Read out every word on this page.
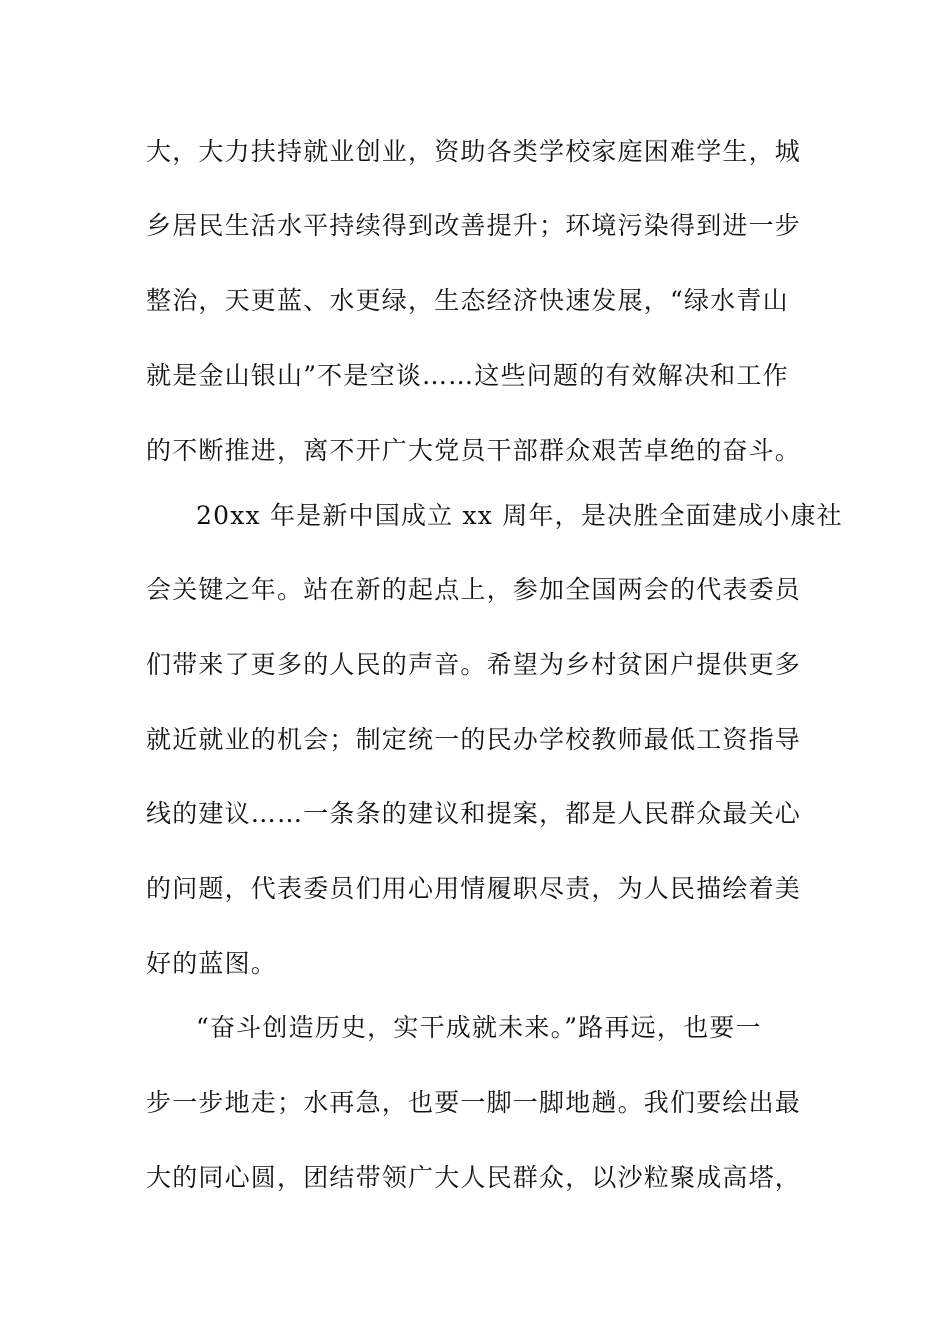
大，大力扶持就业创业，资助各类学校家庭困难学生，城
乡居民生活水平持续得到改善提升；环境污染得到进一步
整治，天更蓝、水更绿，生态经济快速发展，“绿水青山
就是金山银山”不是空谈……这些问题的有效解决和工作
的不断推进，离不开广大党员干部群众艰苦卓绝的奋斗。
20xx 年是新中国成立 xx 周年，是决胜全面建成小康社
会关键之年。站在新的起点上，参加全国两会的代表委员
们带来了更多的人民的声音。希望为乡村贫困户提供更多
就近就业的机会；制定统一的民办学校教师最低工资指导
线的建议……一条条的建议和提案，都是人民群众最关心
的问题，代表委员们用心用情履职尽责，为人民描绘着美
好的蓝图。
“奋斗创造历史，实干成就未来。”路再远，也要一
步一步地走；水再急，也要一脚一脚地趟。我们要绘出最
大的同心圆，团结带领广大人民群众，以沙粒聚成高塔，
